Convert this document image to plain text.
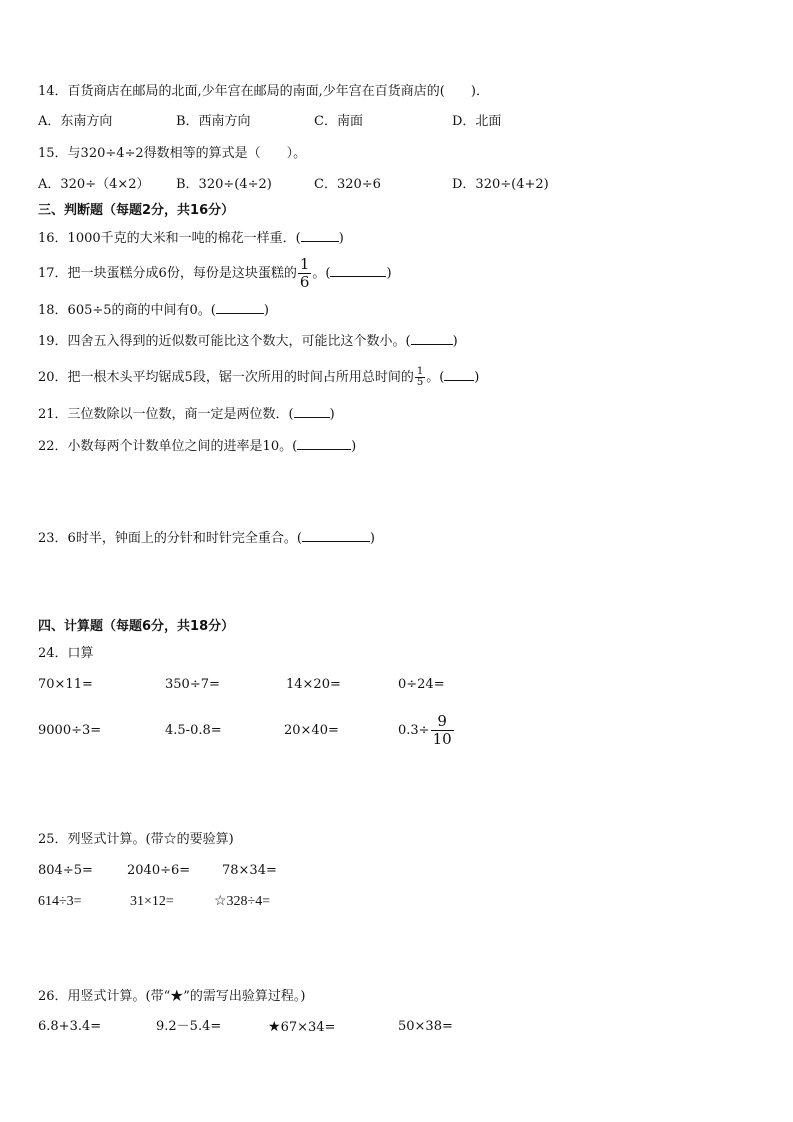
14．百货商店在邮局的北面,少年宫在邮局的南面,少年宫在百货商店的(　　)．
A．东南方向	B．西南方向	C．南面	D．北面
15．与320÷4÷2得数相等的算式是（　　）。
A．320÷（4×2） B．320÷(4÷2)	C．320÷6	D．320÷(4+2)
三、判断题（每题2分，共16分）
16．1000千克的大米和一吨的棉花一样重．(	)
17．把一块蛋糕分成6份，每份是这块蛋糕的 $\frac{1}{6}$ 。(	)
18．605÷5的商的中间有0。(	)
19．四舍五入得到的近似数可能比这个数大，可能比这个数小。(	)
20．把一根木头平均锯成5段，锯一次所用的时间占所用总时间的 $\frac{1}{5}$ 。( )
21．三位数除以一位数，商一定是两位数．(	)
22．小数每两个计数单位之间的进率是10。(	)
23．6时半，钟面上的分针和时针完全重合。(	)
四、计算题（每题6分，共18分）
24．口算
70×11=	350÷7=	14×20=	0÷24=
9000÷3=	4.5-0.8=	20×40=	$0.3\div \frac{9}{10}$
25．列竖式计算。(带☆的要验算)
804÷5=	2040÷6= 78×34=
614÷3=	31×12=	☆328÷4=
26．用竖式计算。(带“★”的需写出验算过程。)
6.8+3.4=	9.2－5.4=	★67×34=	50×38=
